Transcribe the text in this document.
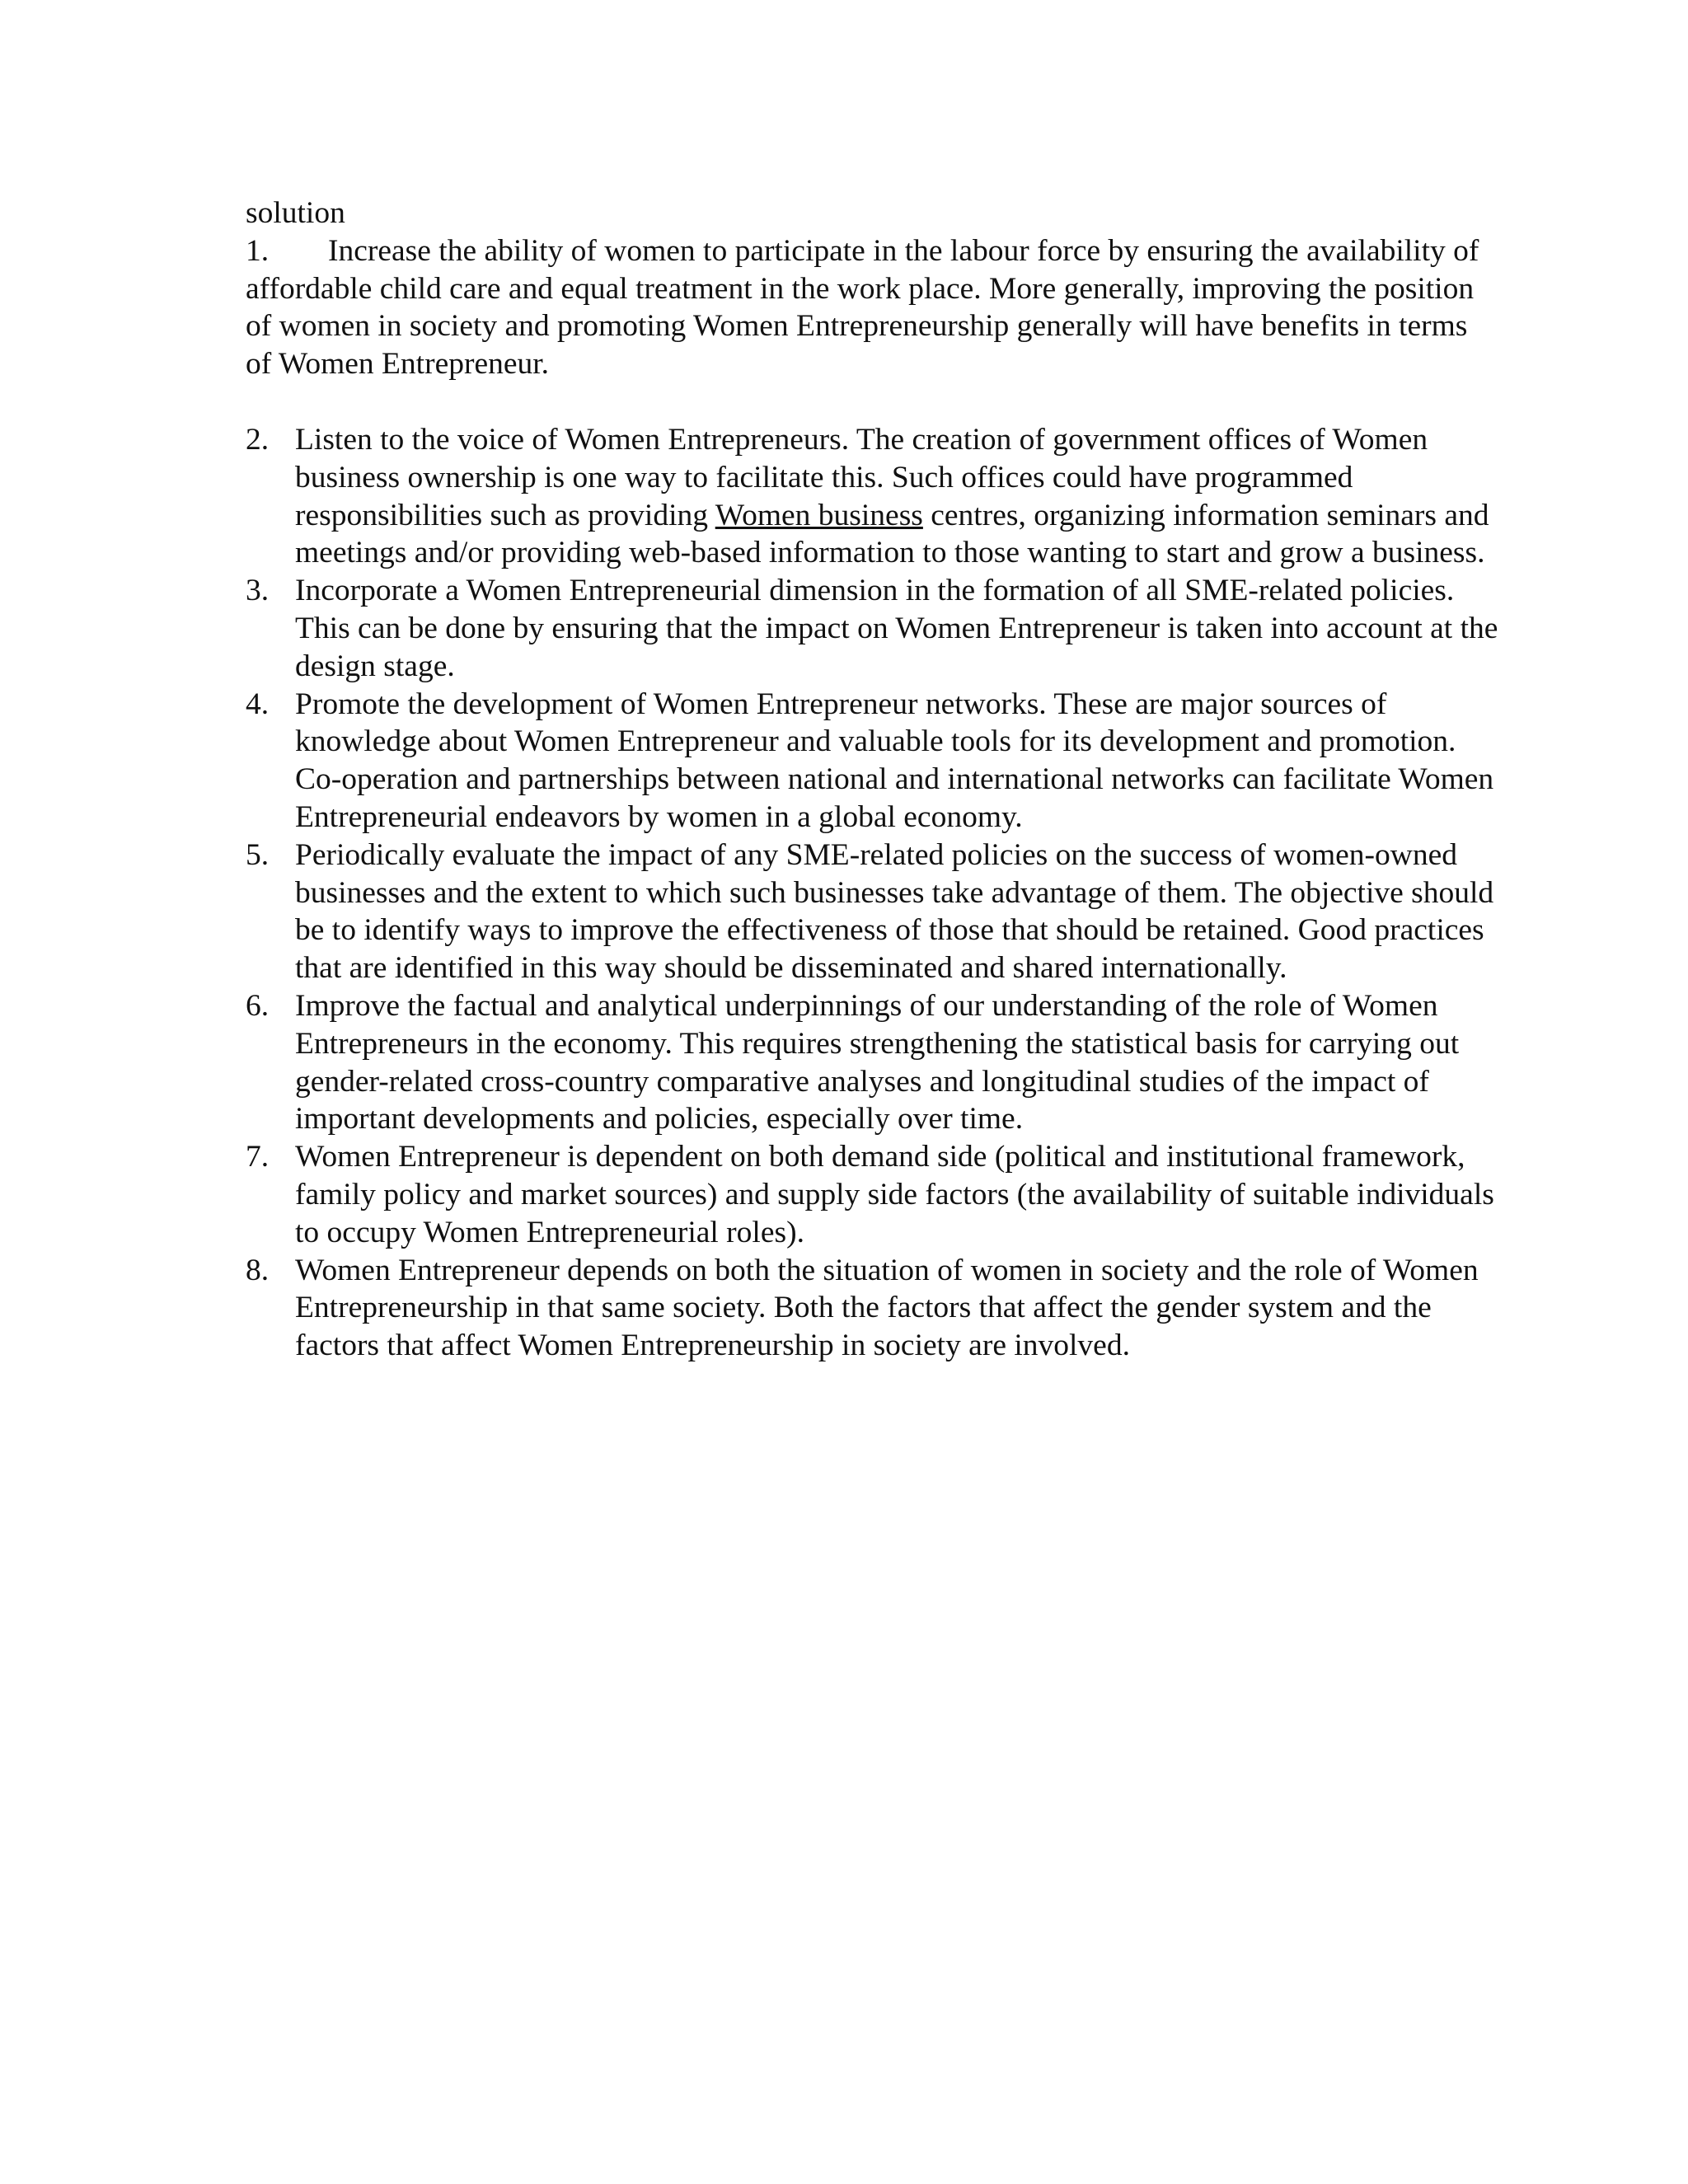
solution

1. Increase the ability of women to participate in the labour force by ensuring the availability of affordable child care and equal treatment in the work place. More generally, improving the position of women in society and promoting Women Entrepreneurship generally will have benefits in terms of Women Entrepreneur.

2. Listen to the voice of Women Entrepreneurs. The creation of government offices of Women business ownership is one way to facilitate this. Such offices could have programmed responsibilities such as providing Women business centres, organizing information seminars and meetings and/or providing web-based information to those wanting to start and grow a business.
3. Incorporate a Women Entrepreneurial dimension in the formation of all SME-related policies. This can be done by ensuring that the impact on Women Entrepreneur is taken into account at the design stage.
4. Promote the development of Women Entrepreneur networks. These are major sources of knowledge about Women Entrepreneur and valuable tools for its development and promotion. Co-operation and partnerships between national and international networks can facilitate Women Entrepreneurial endeavors by women in a global economy.
5. Periodically evaluate the impact of any SME-related policies on the success of women-owned businesses and the extent to which such businesses take advantage of them. The objective should be to identify ways to improve the effectiveness of those that should be retained. Good practices that are identified in this way should be disseminated and shared internationally.
6. Improve the factual and analytical underpinnings of our understanding of the role of Women Entrepreneurs in the economy. This requires strengthening the statistical basis for carrying out gender-related cross-country comparative analyses and longitudinal studies of the impact of important developments and policies, especially over time.
7. Women Entrepreneur is dependent on both demand side (political and institutional framework, family policy and market sources) and supply side factors (the availability of suitable individuals to occupy Women Entrepreneurial roles).
8. Women Entrepreneur depends on both the situation of women in society and the role of Women Entrepreneurship in that same society. Both the factors that affect the gender system and the factors that affect Women Entrepreneurship in society are involved.
